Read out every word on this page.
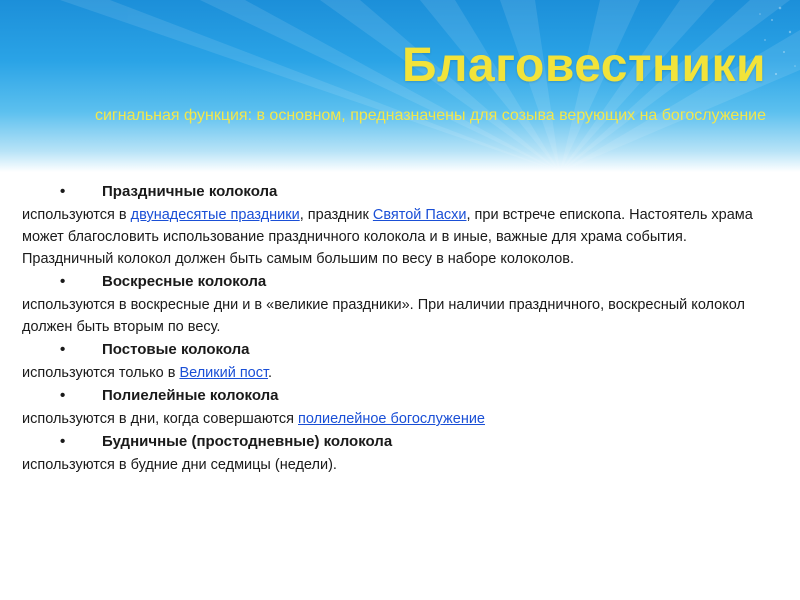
Благовестники
сигнальная функция: в основном, предназначены для созыва верующих на богослужение
•	Праздничные колокола

используются в двунадесятые праздники, праздник Святой Пасхи, при встрече епископа. Настоятель храма может благословить использование праздничного колокола и в иные, важные для храма события. Праздничный колокол должен быть самым большим по весу в наборе колоколов.

•	Воскресные колокола

используются в воскресные дни и в «великие праздники». При наличии праздничного, воскресный колокол должен быть вторым по весу.

•	Постовые колокола

используются только в Великий пост.

•	Полиелейные колокола

используются в дни, когда совершаются полиелейное богослужение

•	Будничные (простодневные) колокола

используются в будние дни седмицы (недели).
